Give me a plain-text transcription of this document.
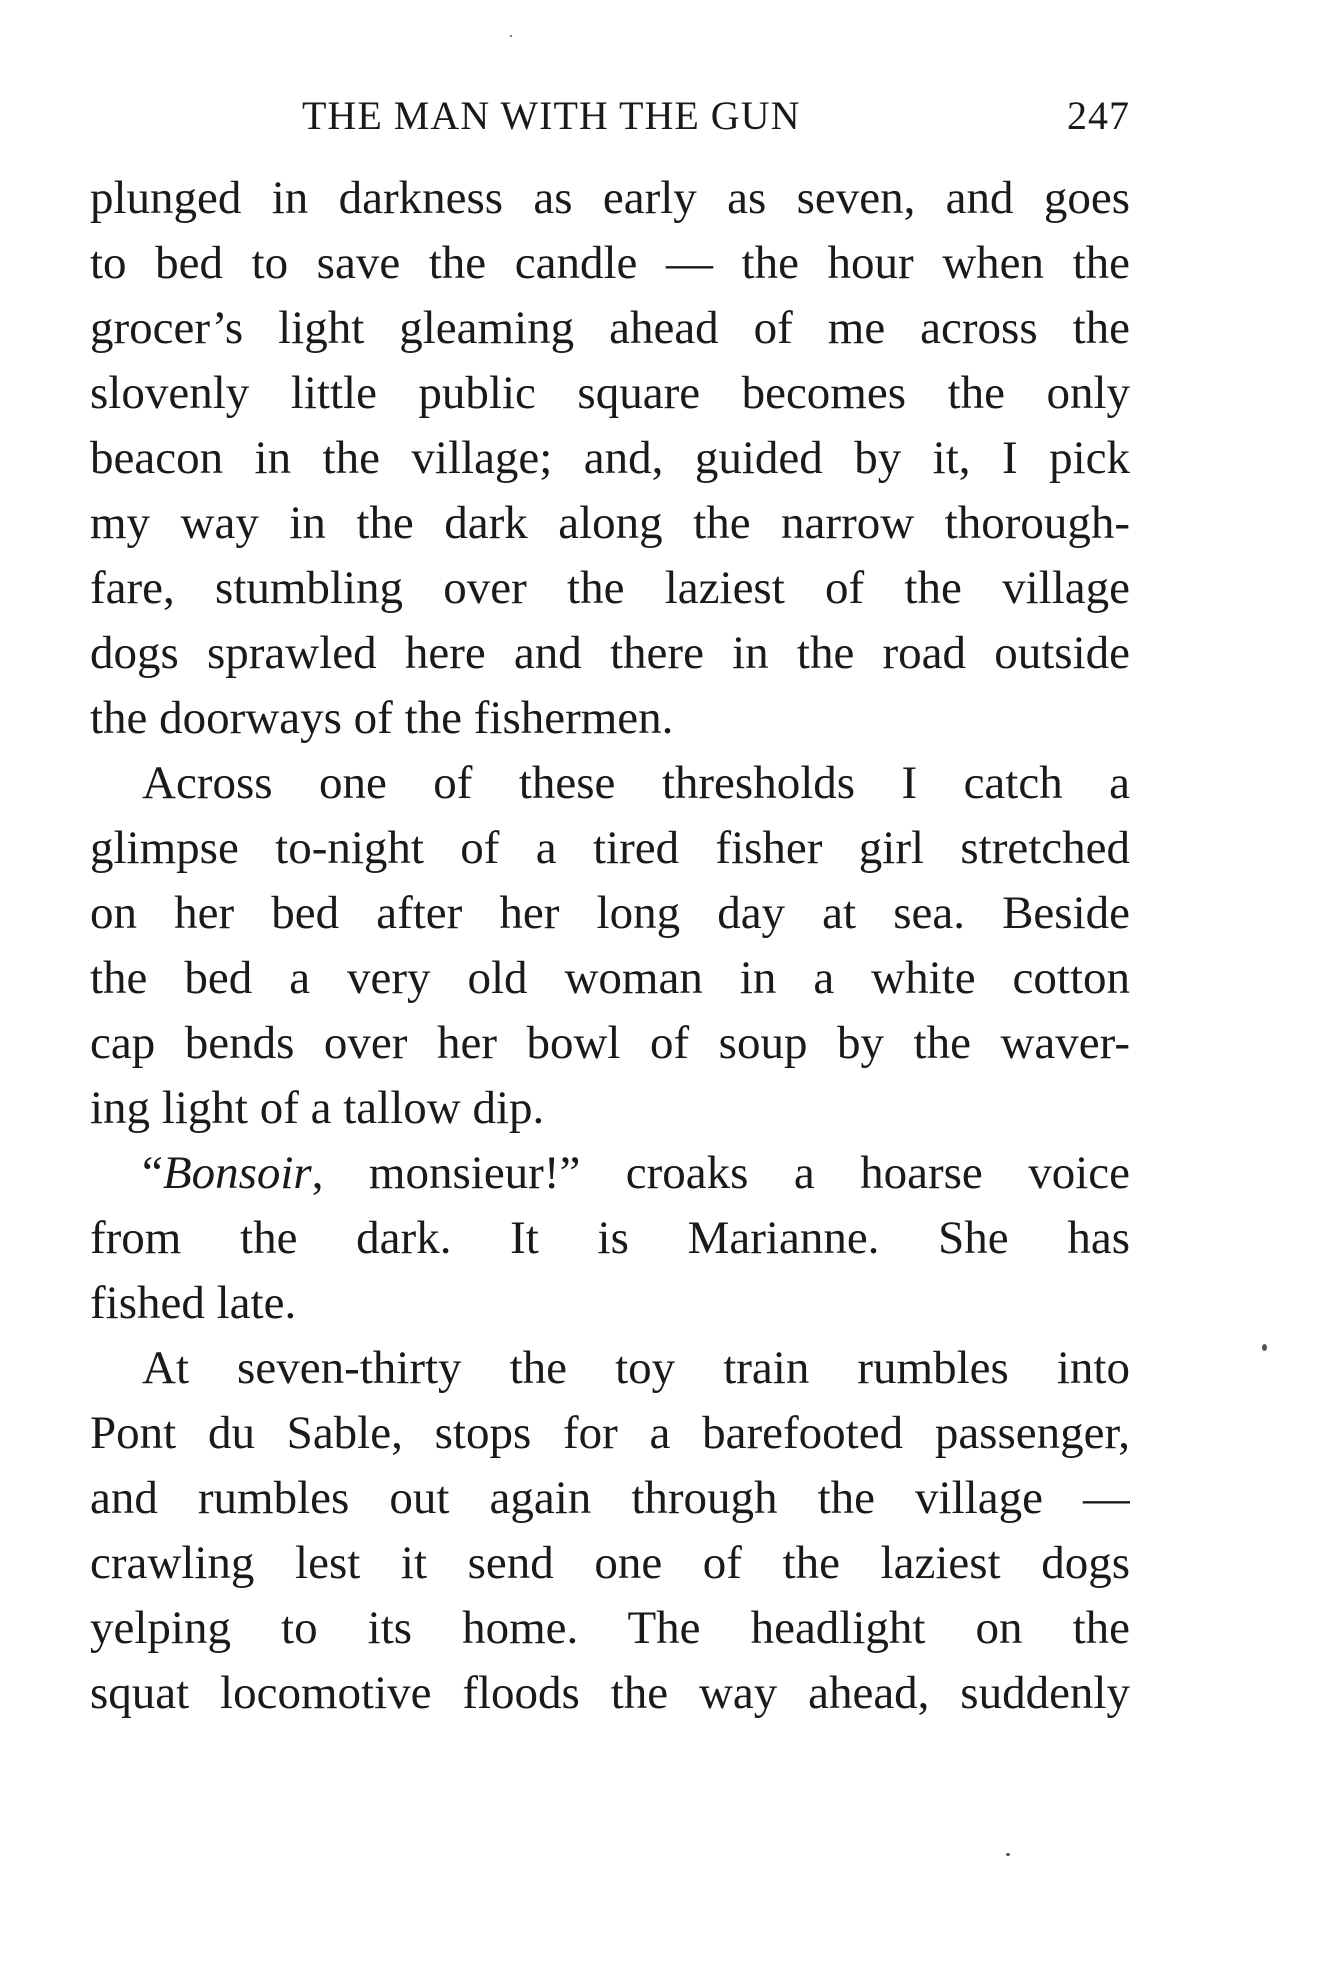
THE MAN WITH THE GUN	247
plunged in darkness as early as seven, and goes
to bed to save the candle — the hour when the
grocer’s light gleaming ahead of me across the
slovenly little public square becomes the only
beacon in the village; and, guided by it, I pick
my way in the dark along the narrow thorough-
fare, stumbling over the laziest of the village
dogs sprawled here and there in the road outside
the doorways of the fishermen.
Across one of these thresholds I catch a
glimpse to-night of a tired fisher girl stretched
on her bed after her long day at sea. Beside
the bed a very old woman in a white cotton
cap bends over her bowl of soup by the waver-
ing light of a tallow dip.
“Bonsoir, monsieur!” croaks a hoarse voice
from the dark. It is Marianne. She has
fished late.
At seven-thirty the toy train rumbles into
Pont du Sable, stops for a barefooted passenger,
and rumbles out again through the village —
crawling lest it send one of the laziest dogs
yelping to its home. The headlight on the
squat locomotive floods the way ahead, suddenly
